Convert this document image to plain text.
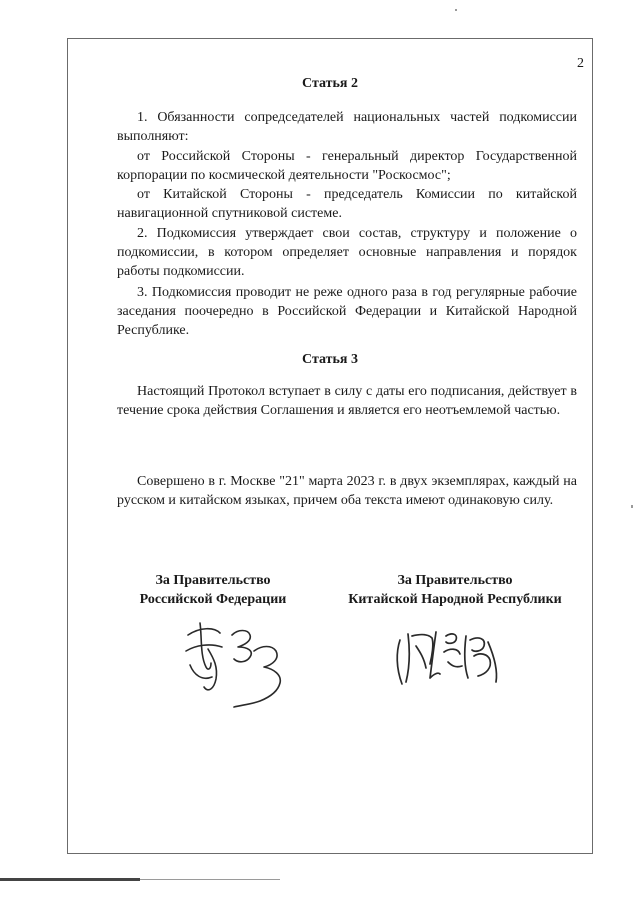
2
Статья 2

1. Обязанности сопредседателей национальных частей подкомиссии выполняют:

от Российской Стороны - генеральный директор Государственной корпорации по космической деятельности "Роскосмос";

от Китайской Стороны - председатель Комиссии по китайской навигационной спутниковой системе.

2. Подкомиссия утверждает свои состав, структуру и положение о подкомиссии, в котором определяет основные направления и порядок работы подкомиссии.

3. Подкомиссия проводит не реже одного раза в год регулярные рабочие заседания поочередно в Российской Федерации и Китайской Народной Республике.

Статья 3

Настоящий Протокол вступает в силу с даты его подписания, действует в течение срока действия Соглашения и является его неотъемлемой частью.

Совершено в г. Москве "21" марта 2023 г. в двух экземплярах, каждый на русском и китайском языках, причем оба текста имеют одинаковую силу.

За Правительство
Российской Федерации
За Правительство
Китайской Народной Республики
